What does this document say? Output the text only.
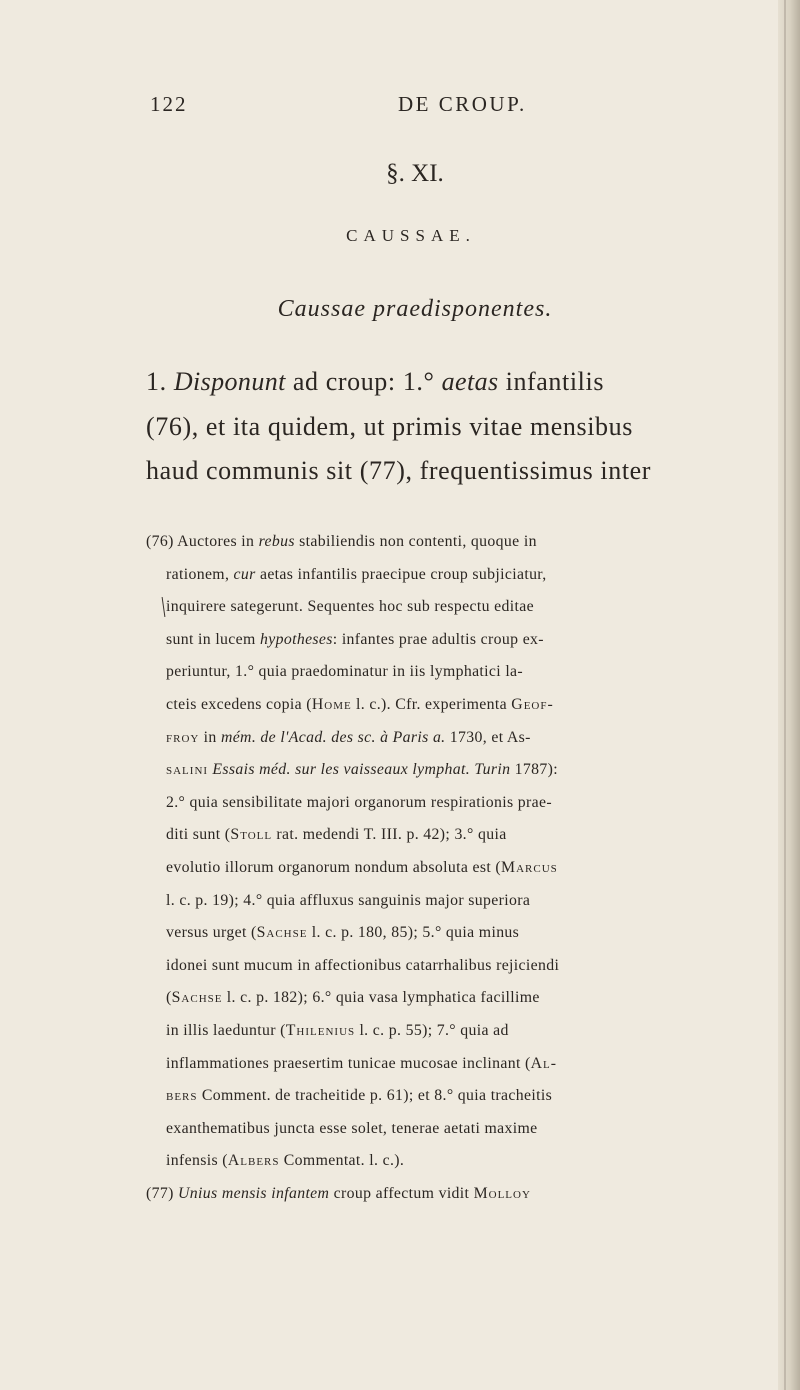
122	DE CROUP.
§. XI.
CAUSSAE.
Caussae praedisponentes.
1. Disponunt ad croup: 1.° aetas infantilis
(76), et ita quidem, ut primis vitae mensibus
haud communis sit (77), frequentissimus inter
(76) Auctores in rebus stabiliendis non contenti, quoque in
rationem, cur aetas infantilis praecipue croup subjiciatur,
inquirere sategerunt. Sequentes hoc sub respectu editae
sunt in lucem hypotheses: infantes prae adultis croup ex-
periuntur, 1.° quia praedominatur in iis lymphatici la-
cteis excedens copia (Home l. c.). Cfr. experimenta Geof-
froy in mém. de l'Acad. des sc. à Paris a. 1730, et As-
salini Essais méd. sur les vaisseaux lymphat. Turin 1787):
2.° quia sensibilitate majori organorum respirationis prae-
diti sunt (Stoll rat. medendi T. III. p. 42); 3.° quia
evolutio illorum organorum nondum absoluta est (Marcus
l. c. p. 19); 4.° quia affluxus sanguinis major superiora
versus urget (Sachse l. c. p. 180, 85); 5.° quia minus
idonei sunt mucum in affectionibus catarrhalibus rejiciendi
(Sachse l. c. p. 182); 6.° quia vasa lymphatica facillime
in illis laeduntur (Thilenius l. c. p. 55); 7.° quia ad
inflammationes praesertim tunicae mucosae inclinant (Al-
bers Comment. de tracheitide p. 61); et 8.° quia tracheitis
exanthematibus juncta esse solet, tenerae aetati maxime
infensis (Albers Commentat. l. c.).
(77) Unius mensis infantem croup affectum vidit Molloy
